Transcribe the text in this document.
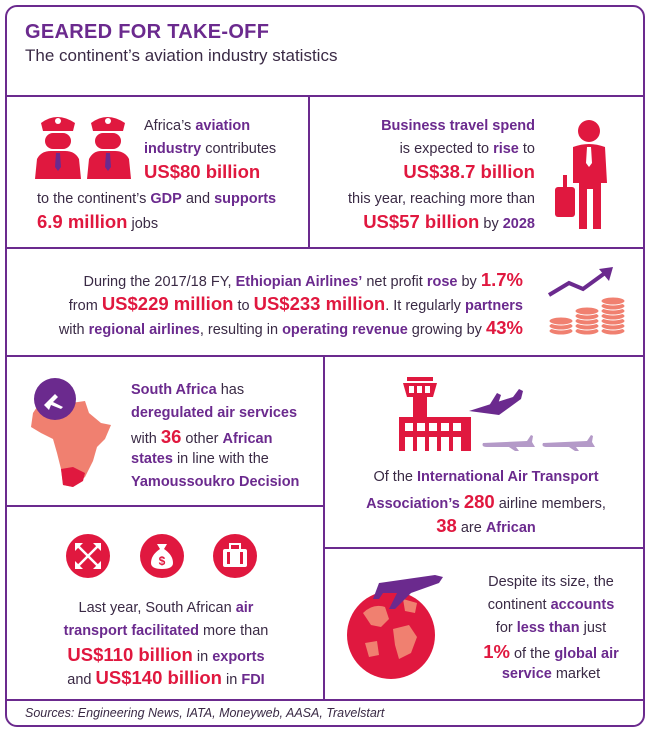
GEARED FOR TAKE-OFF
The continent’s aviation industry statistics
Africa’s aviation
industry contributes
US$80 billion
to the continent’s GDP and supports
6.9 million jobs
Business travel spend
is expected to rise to
US$38.7 billion
this year, reaching more than
US$57 billion by 2028
During the 2017/18 FY, Ethiopian Airlines’ net profit rose by 1.7%
from US$229 million to US$233 million. It regularly partners
with regional airlines, resulting in operating revenue growing by 43%
South Africa has
deregulated air services
with 36 other African
states in line with the
Yamoussoukro Decision	Of the International Air Transport
Association’s 280 airline members,
38 are African
$
Last year, South African air
transport facilitated more than
US$110 billion in exports
and US$140 billion in FDI
Despite its size, the
continent accounts
for less than just
1% of the global air
service market
Sources: Engineering News, IATA, Moneyweb, AASA, Travelstart
